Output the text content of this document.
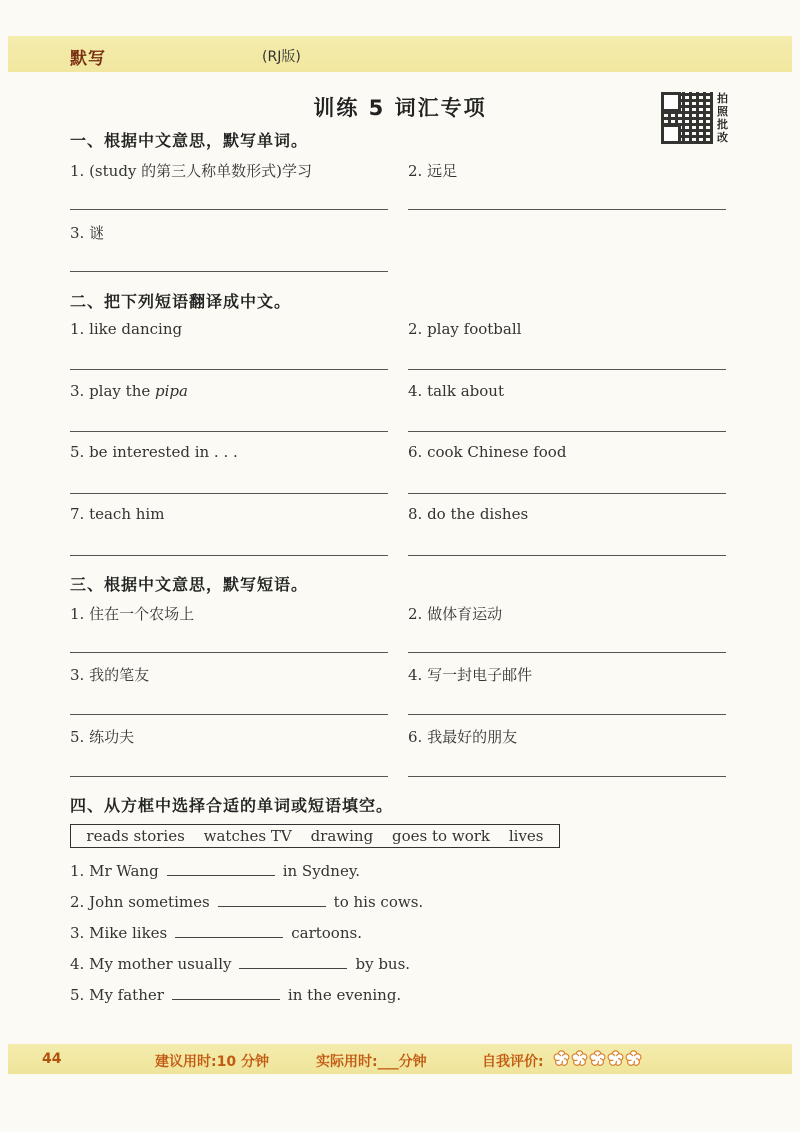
默写	(RJ版)
训练 5 词汇专项	拍照批改
一、根据中文意思，默写单词。
1. (study 的第三人称单数形式)学习	2. 远足
3. 谜
二、把下列短语翻译成中文。
1. like dancing	2. play football
3. play the pipa	4. talk about
5. be interested in . . .	6. cook Chinese food
7. teach him	8. do the dishes
三、根据中文意思，默写短语。
1. 住在一个农场上	2. 做体育运动
3. 我的笔友	4. 写一封电子邮件
5. 练功夫	6. 我最好的朋友
四、从方框中选择合适的单词或短语填空。
reads stories watches TV drawing goes to work lives
1. Mr Wang	in Sydney.
2. John sometimes	to his cows.
3. Mike likes	cartoons.
4. My mother usually	by bus.
5. My father	in the evening.
44	建议用时:10 分钟	实际用时:___分钟	自我评价:
